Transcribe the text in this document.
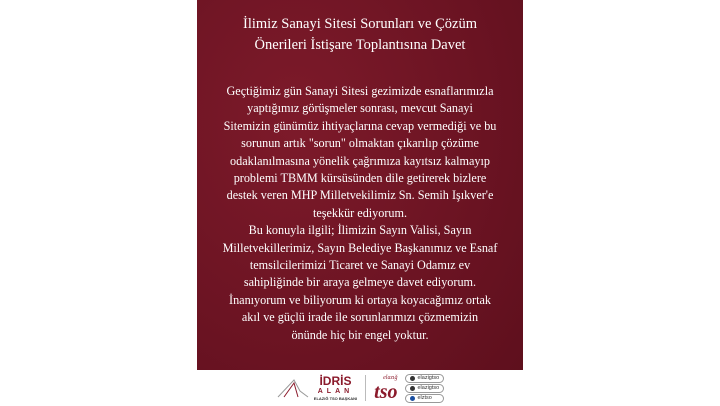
İlimiz Sanayi Sitesi Sorunları ve Çözüm
Önerileri İstişare Toplantısına Davet
Geçtiğimiz gün Sanayi Sitesi gezimizde esnaflarımızla
yaptığımız görüşmeler sonrası, mevcut Sanayi
Sitemizin günümüz ihtiyaçlarına cevap vermediği ve bu
sorunun artık "sorun" olmaktan çıkarılıp çözüme
odaklanılmasına yönelik çağrımıza kayıtsız kalmayıp
problemi TBMM kürsüsünden dile getirerek bizlere
destek veren MHP Milletvekilimiz Sn. Semih Işıkver'e
teşekkür ediyorum.
Bu konuyla ilgili; İlimizin Sayın Valisi, Sayın
Milletvekillerimiz, Sayın Belediye Başkanımız ve Esnaf
temsilcilerimizi Ticaret ve Sanayi Odamız ev
sahipliğinde bir araya gelmeye davet ediyorum.
İnanıyorum ve biliyorum ki ortaya koyacağımız ortak
akıl ve güçlü irade ile sorunlarımızı çözmemizin
önünde hiç bir engel yoktur.
İDRİS
ALAN
ELAZIĞ TSO BAŞKANI
elazığ
tso
elazigtso
elazigtso
elztso
